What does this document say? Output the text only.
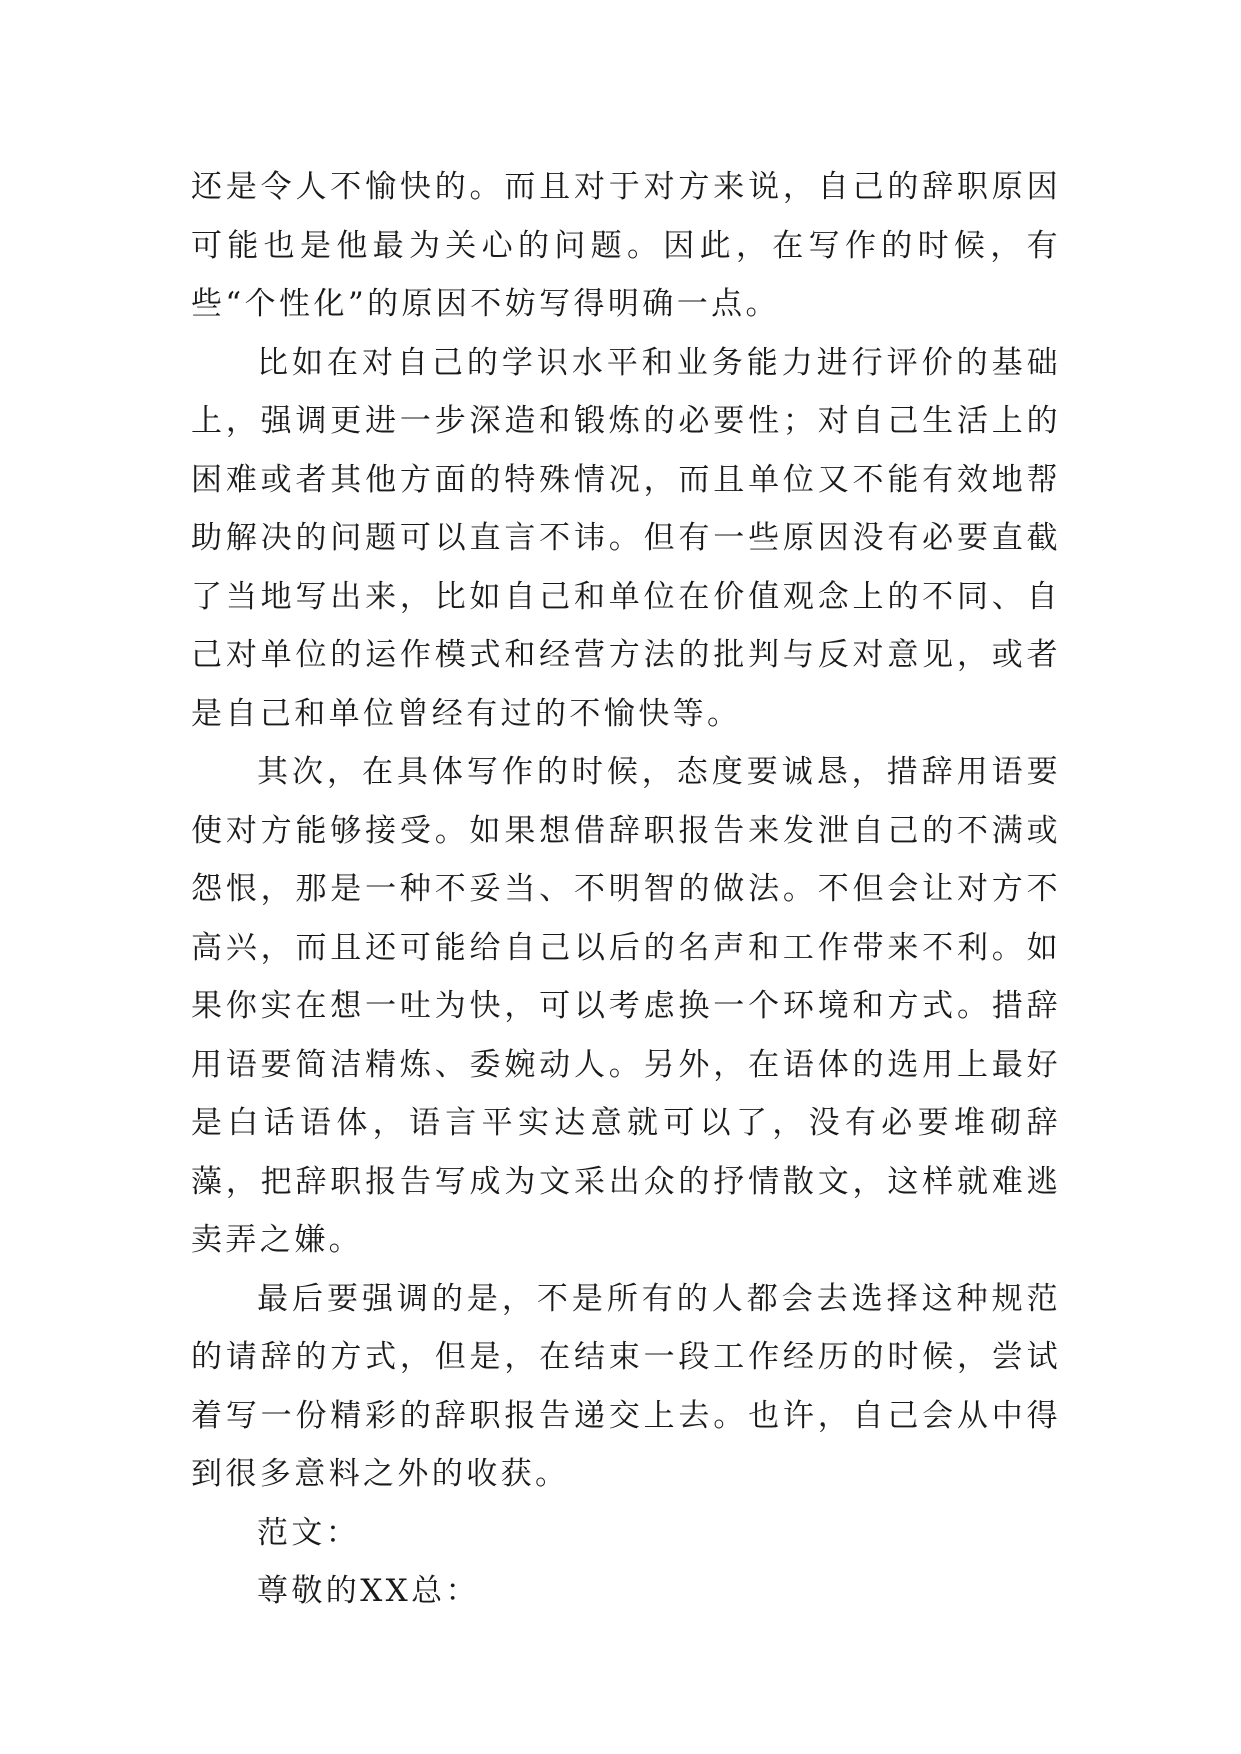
还是令人不愉快的。而且对于对方来说，自己的辞职原因可能也是他最为关心的问题。因此，在写作的时候，有些“个性化”的原因不妨写得明确一点。

比如在对自己的学识水平和业务能力进行评价的基础上，强调更进一步深造和锻炼的必要性；对自己生活上的困难或者其他方面的特殊情况，而且单位又不能有效地帮助解决的问题可以直言不讳。但有一些原因没有必要直截了当地写出来，比如自己和单位在价值观念上的不同、自己对单位的运作模式和经营方法的批判与反对意见，或者是自己和单位曾经有过的不愉快等。

其次，在具体写作的时候，态度要诚恳，措辞用语要使对方能够接受。如果想借辞职报告来发泄自己的不满或怨恨，那是一种不妥当、不明智的做法。不但会让对方不高兴，而且还可能给自己以后的名声和工作带来不利。如果你实在想一吐为快，可以考虑换一个环境和方式。措辞用语要简洁精炼、委婉动人。另外，在语体的选用上最好是白话语体，语言平实达意就可以了，没有必要堆砌辞藻，把辞职报告写成为文采出众的抒情散文，这样就难逃卖弄之嫌。

最后要强调的是，不是所有的人都会去选择这种规范的请辞的方式，但是，在结束一段工作经历的时候，尝试着写一份精彩的辞职报告递交上去。也许，自己会从中得到很多意料之外的收获。

范文：

尊敬的XX总：
